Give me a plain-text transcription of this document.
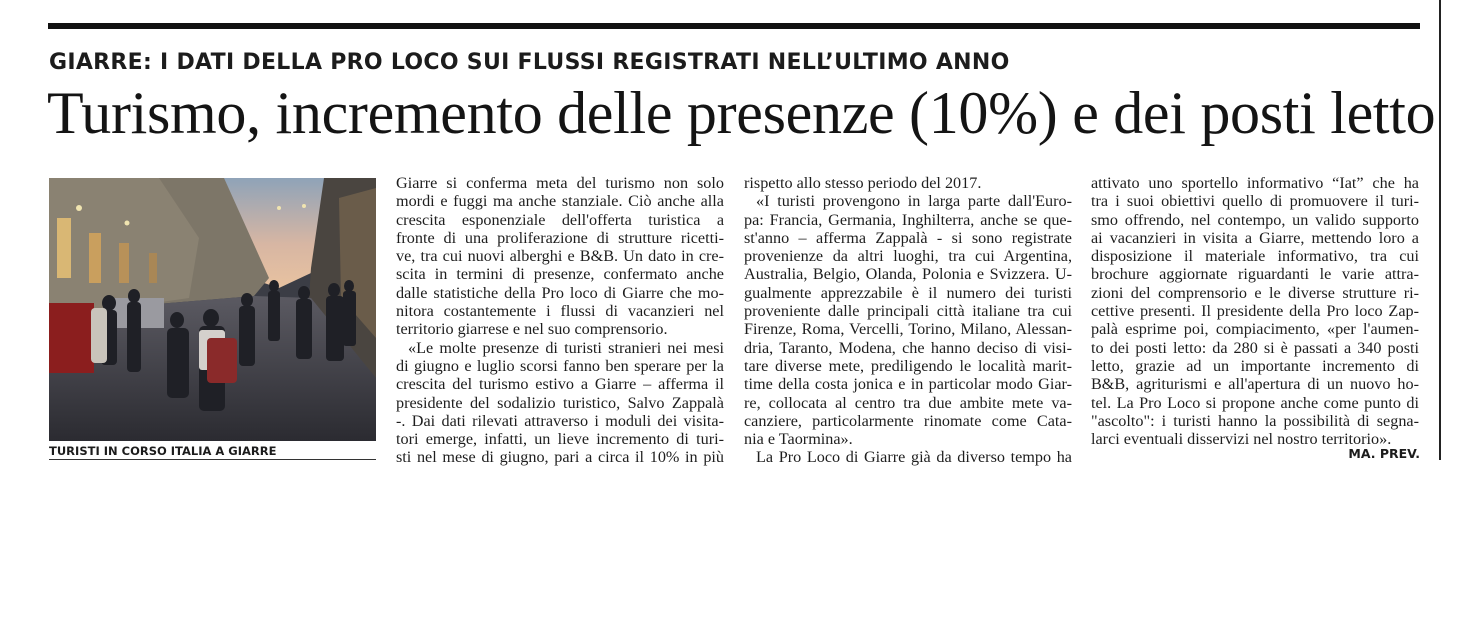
GIARRE: I DATI DELLA PRO LOCO SUI FLUSSI REGISTRATI NELL’ULTIMO ANNO
Turismo, incremento delle presenze (10%) e dei posti letto
TURISTI IN CORSO ITALIA A GIARRE

Giarre si conferma meta del turismo non solo
mordi e fuggi ma anche stanziale. Ciò anche alla
crescita esponenziale dell'offerta turistica a
fronte di una proliferazione di strutture ricetti-
ve, tra cui nuovi alberghi e B&B. Un dato in cre-
scita in termini di presenze, confermato anche
dalle statistiche della Pro loco di Giarre che mo-
nitora costantemente i flussi di vacanzieri nel
territorio giarrese e nel suo comprensorio.

«Le molte presenze di turisti stranieri nei mesi

di giugno e luglio scorsi fanno ben sperare per la
crescita del turismo estivo a Giarre – afferma il
presidente del sodalizio turistico, Salvo Zappalà
-. Dai dati rilevati attraverso i moduli dei visita-
tori emerge, infatti, un lieve incremento di turi-
sti nel mese di giugno, pari a circa il 10% in più

rispetto allo stesso periodo del 2017.

«I turisti provengono in larga parte dall'Euro-

pa: Francia, Germania, Inghilterra, anche se que-
st'anno – afferma Zappalà - si sono registrate
provenienze da altri luoghi, tra cui Argentina,
Australia, Belgio, Olanda, Polonia e Svizzera. U-
gualmente apprezzabile è il numero dei turisti
proveniente dalle principali città italiane tra cui
Firenze, Roma, Vercelli, Torino, Milano, Alessan-
dria, Taranto, Modena, che hanno deciso di visi-
tare diverse mete, prediligendo le località marit-
time della costa jonica e in particolar modo Giar-
re, collocata al centro tra due ambite mete va-
canziere, particolarmente rinomate come Cata-
nia e Taormina».

La Pro Loco di Giarre già da diverso tempo ha

attivato uno sportello informativo “Iat” che ha
tra i suoi obiettivi quello di promuovere il turi-
smo offrendo, nel contempo, un valido supporto
ai vacanzieri in visita a Giarre, mettendo loro a
disposizione il materiale informativo, tra cui
brochure aggiornate riguardanti le varie attra-
zioni del comprensorio e le diverse strutture ri-
cettive presenti. Il presidente della Pro loco Zap-
palà esprime poi, compiacimento, «per l'aumen-
to dei posti letto: da 280 si è passati a 340 posti
letto, grazie ad un importante incremento di
B&B, agriturismi e all'apertura di un nuovo ho-
tel. La Pro Loco si propone anche come punto di
"ascolto": i turisti hanno la possibilità di segna-
larci eventuali disservizi nel nostro territorio».

MA. PREV.
